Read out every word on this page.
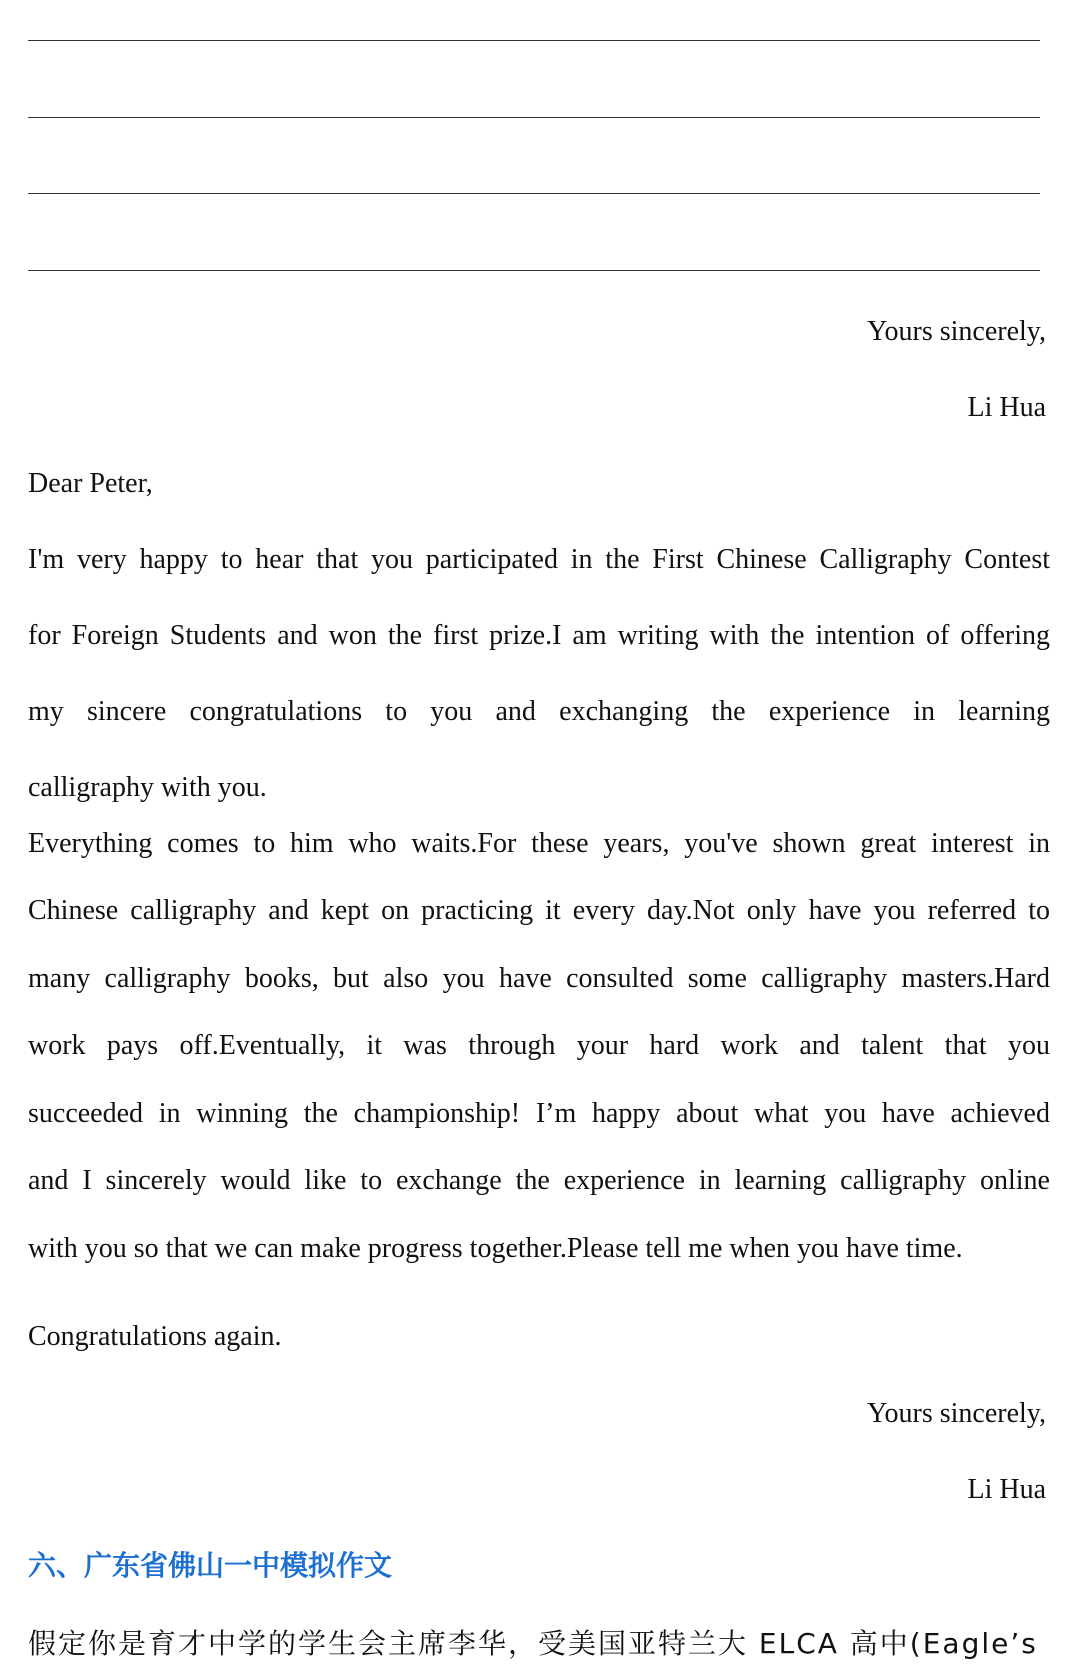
Yours sincerely,
Li Hua
Dear Peter,
I'm very happy to hear that you participated in the First Chinese Calligraphy Contest
for Foreign Students and won the first prize.I am writing with the intention of offering
my sincere congratulations to you and exchanging the experience in learning
calligraphy with you.
Everything comes to him who waits.For these years, you've shown great interest in
Chinese calligraphy and kept on practicing it every day.Not only have you referred to
many calligraphy books, but also you have consulted some calligraphy masters.Hard
work pays off.Eventually, it was through your hard work and talent that you
succeeded in winning the championship! I’m happy about what you have achieved
and I sincerely would like to exchange the experience in learning calligraphy online
with you so that we can make progress together.Please tell me when you have time.
Congratulations again.
Yours sincerely,
Li Hua
六、广东省佛山一中模拟作文
假定你是育才中学的学生会主席李华，受美国亚特兰大 ELCA 高中(Eagle’s
